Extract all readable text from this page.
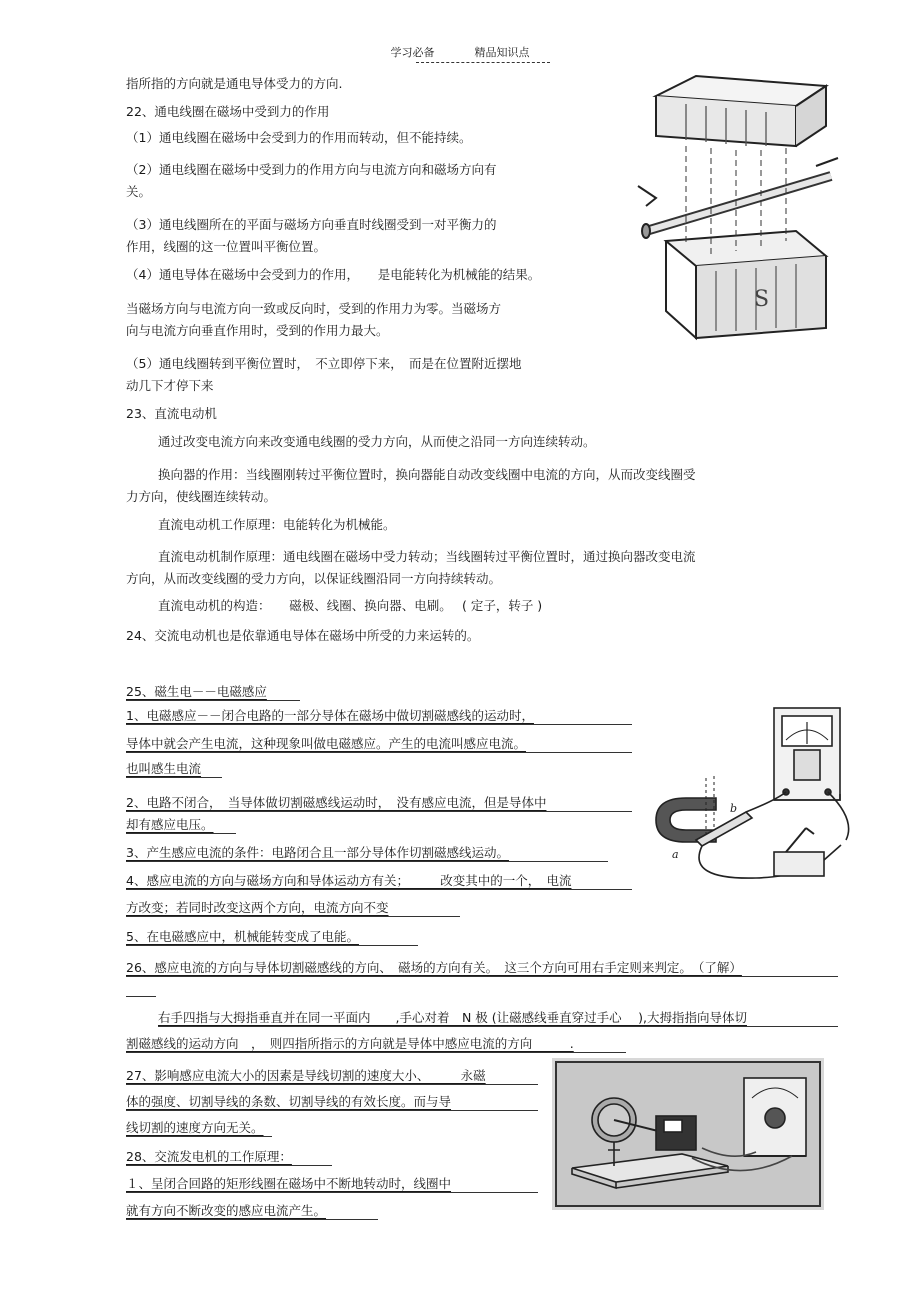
学习必备	精品知识点
指所指的方向就是通电导体受力的方向.
22、通电线圈在磁场中受到力的作用
（1）通电线圈在磁场中会受到力的作用而转动，但不能持续。
（2）通电线圈在磁场中受到力的作用方向与电流方向和磁场方向有
关。
（3）通电线圈所在的平面与磁场方向垂直时线圈受到一对平衡力的
作用，线圈的这一位置叫平衡位置。
（4）通电导体在磁场中会受到力的作用，　　是电能转化为机械能的结果。
当磁场方向与电流方向一致或反向时，受到的作用力为零。当磁场方
向与电流方向垂直作用时，受到的作用力最大。
（5）通电线圈转到平衡位置时，　不立即停下来，　而是在位置附近摆地
动几下才停下来
23、直流电动机
通过改变电流方向来改变通电线圈的受力方向，从而使之沿同一方向连续转动。
换向器的作用：当线圈刚转过平衡位置时，换向器能自动改变线圈中电流的方向，从而改变线圈受
力方向，使线圈连续转动。
直流电动机工作原理：电能转化为机械能。
直流电动机制作原理：通电线圈在磁场中受力转动；当线圈转过平衡位置时，通过换向器改变电流
方向，从而改变线圈的受力方向，以保证线圈沿同一方向持续转动。
直流电动机的构造：　　磁极、线圈、换向器、电刷。　 ( 定子，转子 )
24、交流电动机也是依靠通电导体在磁场中所受的力来运转的。
25、磁生电－－电磁感应
1、电磁感应－－闭合电路的一部分导体在磁场中做切割磁感线的运动时，
导体中就会产生电流，这种现象叫做电磁感应。产生的电流叫感应电流。
也叫感生电流
2、电路不闭合，　当导体做切割磁感线运动时，　没有感应电流，但是导体中
却有感应电压。
3、产生感应电流的条件：电路闭合且一部分导体作切割磁感线运动。
4、感应电流的方向与磁场方向和导体运动方有关；　　　改变其中的一个，　电流
方改变；若同时改变这两个方向，电流方向不变
5、在电磁感应中，机械能转变成了电能。
26、感应电流的方向与导体切割磁感线的方向、　磁场的方向有关。　这三个方向可用右手定则来判定。　（了解）
右手四指与大拇指垂直并在同一平面内　　,手心对着　N 极 (让磁感线垂直穿过手心　 ),大拇指指向导体切
割磁感线的运动方向　，　则四指所指示的方向就是导体中感应电流的方向　　　.
27、影响感应电流大小的因素是导线切割的速度大小、　　　永磁
体的强度、切割导线的条数、切割导线的有效长度。而与导
线切割的速度方向无关。
28、交流发电机的工作原理：
１、呈闭合回路的矩形线圈在磁场中不断地转动时，线圈中
就有方向不断改变的感应电流产生。
S
b
a
